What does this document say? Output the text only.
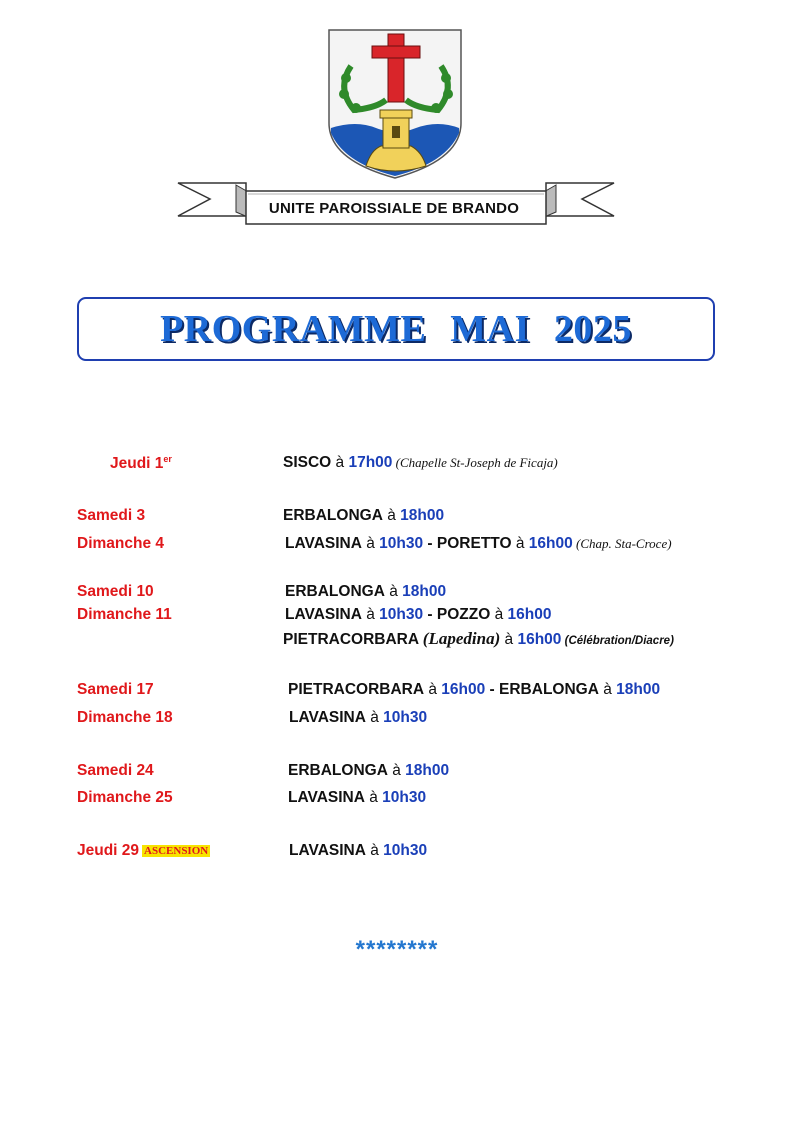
UNITE PAROISSIALE DE BRANDO
PROGRAMME MAI 2025
Jeudi 1er	SISCO à 17h00 (Chapelle St-Joseph de Ficaja)
Samedi 3	ERBALONGA à 18h00
Dimanche 4	LAVASINA à 10h30 - PORETTO à 16h00 (Chap. Sta-Croce)
Samedi 10	ERBALONGA à 18h00
Dimanche 11	LAVASINA à 10h30 - POZZO à 16h00
PIETRACORBARA (Lapedina) à 16h00 (Célébration/Diacre)
Samedi 17	PIETRACORBARA à 16h00 - ERBALONGA à 18h00
Dimanche 18	LAVASINA à 10h30
Samedi 24	ERBALONGA à 18h00
Dimanche 25	LAVASINA à 10h30
Jeudi 29 ASCENSION	LAVASINA à 10h30
********
